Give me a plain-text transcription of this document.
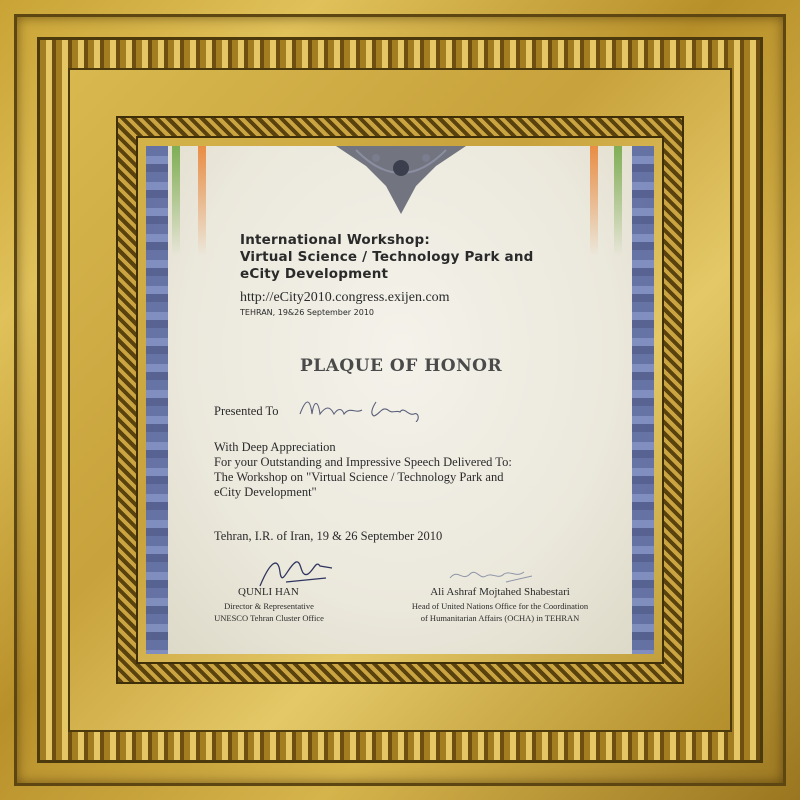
International Workshop:
Virtual Science / Technology Park and
eCity Development
http://eCity2010.congress.exijen.com
TEHRAN, 19&26 September 2010
PLAQUE OF HONOR
Presented To
With Deep Appreciation
For your Outstanding and Impressive Speech Delivered To:
The Workshop on "Virtual Science / Technology Park and
eCity Development"
Tehran, I.R. of Iran, 19 & 26 September 2010
QUNLI HAN
Director & Representative
UNESCO Tehran Cluster Office
Ali Ashraf Mojtahed Shabestari
Head of United Nations Office for the Coordination
of Humanitarian Affairs (OCHA) in TEHRAN
